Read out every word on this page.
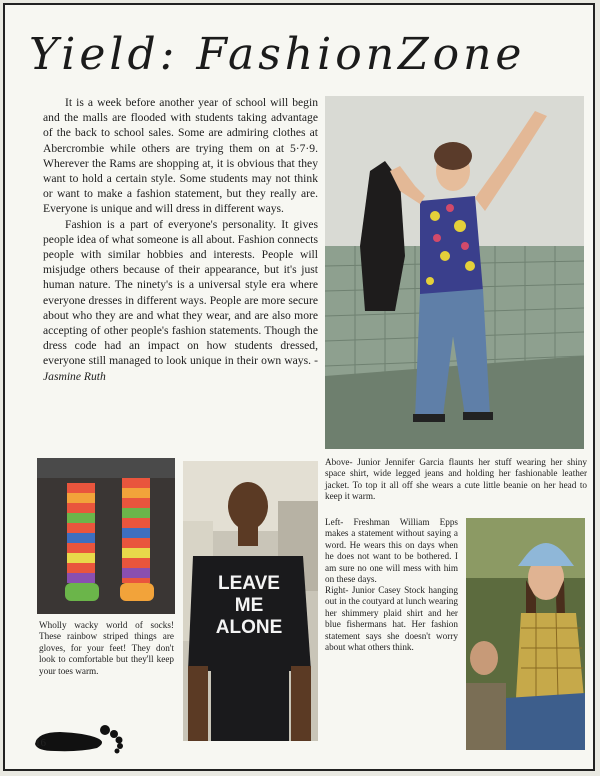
Yield: FashionZone

It is a week before another year of school will begin and the malls are flooded with students taking advantage of the back to school sales. Some are admiring clothes at Abercrombie while others are trying them on at 5·7·9. Wherever the Rams are shopping at, it is obvious that they want to hold a certain style. Some students may not think or want to make a fashion statement, but they really are. Everyone is unique and will dress in different ways.

Fashion is a part of everyone's personality. It gives people idea of what someone is all about. Fashion connects people with similar hobbies and interests. People will misjudge others because of their appearance, but it's just human nature. The ninety's is a universal style era where everyone dresses in different ways. People are more secure about who they are and what they wear, and are also more accepting of other people's fashion statements. Though the dress code had an impact on how students dressed, everyone still managed to look unique in their own ways. -Jasmine Ruth

Above- Junior Jennifer Garcia flaunts her stuff wearing her shiny space shirt, wide legged jeans and holding her fashionable leather jacket. To top it all off she wears a cute little beanie on her head to keep it warm.
Wholly wacky world of socks! These rainbow striped things are gloves, for your feet! They don't look to comfortable but they'll keep your toes warm.
LEAVE
ME
ALONE
Left- Freshman William Epps makes a statement without saying a word. He wears this on days when he does not want to be bothered. I am sure no one will mess with him on these days.
Right- Junior Casey Stock hanging out in the coutyard at lunch wearing her shimmery plaid shirt and her blue fishermans hat. Her fashion statement says she doesn't worry about what others think.
16
